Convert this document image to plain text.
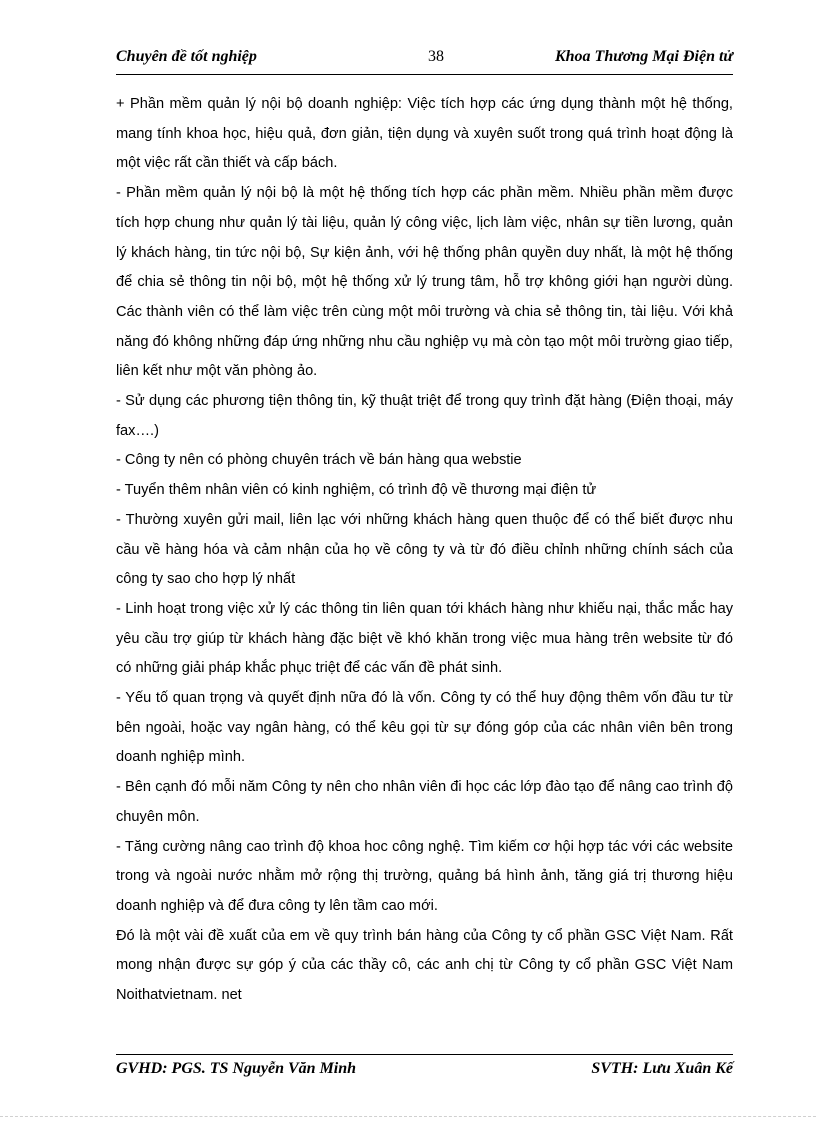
Chuyên đề tốt nghiệp	38	Khoa Thương Mại Điện tử

+ Phần mềm quản lý nội bộ doanh nghiệp: Việc tích hợp các ứng dụng thành một hệ thống, mang tính khoa học, hiệu quả, đơn giản, tiện dụng và xuyên suốt trong quá trình hoạt động là một việc rất cần thiết và cấp bách.

- Phần mềm quản lý nội bộ là một hệ thống tích hợp các phần mềm. Nhiều phần mềm được tích hợp chung như quản lý tài liệu, quản lý công việc, lịch làm việc, nhân sự tiền lương, quản lý khách hàng, tin tức nội bộ, Sự kiện ảnh, với hệ thống phân quyền duy nhất, là một hệ thống để chia sẻ thông tin nội bộ, một hệ thống xử lý trung tâm, hỗ trợ không giới hạn người dùng. Các thành viên có thể làm việc trên cùng một môi trường và chia sẻ thông tin, tài liệu. Với khả năng đó không những đáp ứng những nhu cầu nghiệp vụ mà còn tạo một môi trường giao tiếp, liên kết như một văn phòng ảo.

- Sử dụng các phương tiện thông tin, kỹ thuật triệt để trong quy trình đặt hàng (Điện thoại, máy fax….)

- Công ty nên có phòng chuyên trách về bán hàng qua webstie

- Tuyển thêm nhân viên có kinh nghiệm, có trình độ về thương mại điện tử

- Thường xuyên gửi mail, liên lạc với những khách hàng quen thuộc để có thể biết được nhu cầu về hàng hóa và cảm nhận của họ về công ty và từ đó điều chỉnh những chính sách của công ty sao cho hợp lý nhất

- Linh hoạt trong việc xử lý các thông tin liên quan tới khách hàng như khiếu nại, thắc mắc hay yêu cầu trợ giúp từ khách hàng đặc biệt về khó khăn trong việc mua hàng trên website từ đó có những giải pháp khắc phục triệt để các vấn đề phát sinh.

- Yếu tố quan trọng và quyết định nữa đó là vốn. Công ty có thể huy động thêm vốn đầu tư từ bên ngoài, hoặc vay ngân hàng, có thể kêu gọi từ sự đóng góp của các nhân viên bên trong doanh nghiệp mình.

- Bên cạnh đó mỗi năm Công ty nên cho nhân viên đi học các lớp đào tạo để nâng cao trình độ chuyên môn.

- Tăng cường nâng cao trình độ khoa hoc công nghệ. Tìm kiếm cơ hội hợp tác với các website trong và ngoài nước nhằm mở rộng thị trường, quảng bá hình ảnh, tăng giá trị thương hiệu doanh nghiệp và để đưa công ty lên tầm cao mới.

Đó là một vài đề xuất của em về quy trình bán hàng của Công ty cổ phần GSC Việt Nam. Rất mong nhận được sự góp ý của các thầy cô, các anh chị từ Công ty cổ phần GSC Việt Nam Noithatvietnam. net

GVHD: PGS. TS Nguyễn Văn Minh	SVTH: Lưu Xuân Kế
